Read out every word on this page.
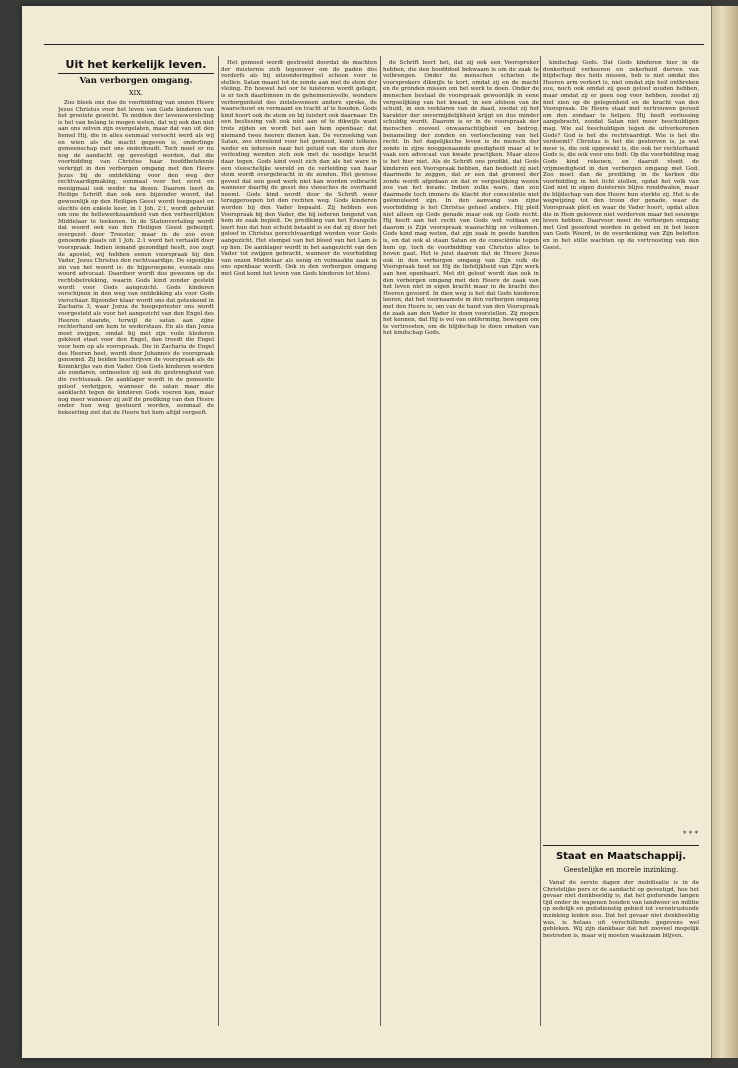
Uit het kerkelijk leven.
Van verborgen omgang.
XIX.

Zoo bleek ons dus de voorbidding van onzen Heere Jezus Christus voor het leven van Gods kinderen van het grootste gewicht. Te midden der levensworsteling is het van belang te mogen weten, dat wij ook dan niet aan ons zelven zijn overgelaten, maar dat van uit den hemel Hij, die in alles eenmaal versocht werd als wij en wien als die macht gegeven is, onderlinge gemeenschap met ons onderhoudt. Toch moet er nu nog de aandacht op gevestigd worden, dat die voorbidding van Christus haar hoofdbetekenis verkrijgt in den verborgen omgang met den Heere Jezus bij de ontdekking voor den weg der rechtvaardigmaking, eenmaal voor het eerst en menigmaal ook weder na dezen. Daarom leert de Heilige Schrift dan ook een bijzonder woord, dat gewoonlijk op den Heiligen Geest wordt toegepast en slechts één enkele keer, in 1 Joh. 2:1, wordt gebruikt om one de hellewerkzaamheid van den verheerlijkten Middelaar te teekenen. In de Statenvertaling wordt dat woord ook van den Heiligen Geest gebezigd, overgezet door Trooster, maar in de zoo even genoemde plaats uit 1 Joh. 2:1 werd het vertaald door voorspraak. Indien iemand gezondigd heeft, zoo zegt de apostel, wij hebben eenen voorspraak bij den Vader, Jezus Christus den rechtvaardige. De eigenlijke zin van het woord is: de bijgeroepene, evenals ons woord advocaat. Daardoor wordt dus gewezen op de rechtsbetrekking, waarin Gods kind zonder gesteld wordt voor Gods aangezicht. Gods kinderen verschijnen in den weg van ontdekking als voor Gods vierschaar. Bijzonder klaar wordt ons dat geteekend in Zacharia 3, waar Jozua de hoogepriester ons wordt voorgesteld als voor het aangezicht van den Engel des Heeren staande, terwijl de satan aan zijne rechterhand om hem te wederstaan. En als dan Jozua moet zwijgen, omdat hij met zijn vuile klederen gekleed staat voor den Engel, dan treedt die Engel voor hem op als voorspraak. Die in Zacharia de Engel des Heeren heet, wordt door Johannes de voorspraak genoemd. Zij beiden beschrijven de voorspraak als de Koninkrijks van den Vader. Ook Gods kinderen worden als zondaren, ontmoeten zij ook de gestrengheid van die rechtszaak. De aanklager wordt in de gemeente geloof verkrijgen, wanneer de satan maar die aanklacht tegen de kinderen Gods voeren kan, maar nog meer wanneer zij zelf de prediking van den Heere onder hun weg gestuurd worden, eenmaal de bekeerling ziet dat de Heere het hem altijd vergeeft.

Het gemoed wordt gestreeld doordat de machten der duisternis zich tegenover om de paden des verderfs als bij uitzonderingdeel schoon voor te stellen. Satan maant tot de zonde aan met de stem der vleiing. En hoewel het oor te luisteren wordt gelegd, is er toch daarbinnen in de geheimenisvolle, wondere verborgenheid des zieleleveneen andere spreke, de waarschuwt en vermaant en tracht af te houden. Gods kind hoort ook de stem en bij luistert ook daarnaar. En een beslissing valt ook niet aan of te dikwijls want trots zijden en wordt het aan hem openbaar, dat niemand twee heeren dienen kan. De verzoeking van Satan, zoo streelend voor het gemoed, komt telkens weder en iedereen naar het geluid van die stem der verleiding wenden zich ook met de noodige kracht daar tegen. Gods kind voelt zich dan als het ware in een vleeschelijke wereld en de verleiding van haar stem wordt overgebracht in de zonden. Het gewisse gevoel dat een goed werk niet kan worden volbracht wanneer daarbij de geest des vleesches de overhand neemt. Gods kind wordt door de Schrift weer teruggeroepen tot den rechten weg. Gods kinderen worden bij den Vader bepaald. Zij hebben een Voorspraak bij den Vader, die bij iederen lengend van hem de zaak bepleit. De prediking van het Evangelie leert hun dat hun schuld betaald is en dat zij door het geloof in Christus gerechtvaardigd worden voor Gods aangezicht. Het stempel van het bloed van het Lam is op hen. De aanklager wordt in het aangezicht van den Vader tot zwijgen gebracht, wanneer de voorbidding van onzen Middelaar als eenig en volmaakte zaak in ons openbaar wordt. Ook in den verborgen omgang met God komt het leven van Gods kinderen tot bloei.

de Schrift leert het, dat zij ook een Voorspreker hebben, die den hoofddoel bekwaam is om de zaak te volbrengen. Onder de menschen schieten de voorsprekers dikwijls te kort, omdat zij en de macht en de gronden missen om het werk te doen. Onder de menschen bestaat de voorspraak gewoonlijk in eene vergoelijking van het kwaad, in een afsloon van de schuld, in een verklaren van de daad, zoodat zij het karakter der onvermijdelijkheid krijgt en dus minder schuldig wordt. Daarom is er in de voorspraak der menschen zooveel onwaarachtigheid en bedrog, benameling der zonden en verloochening van het recht. In het dagelijksche leven is de mensch der zonde in zijne nooggenaamde goedigheid maar al te vaak een advocaat van kwade practijken. Maar alzoo is het hier niet. Als de Schrift ons predikt, dat Gods kinderen een Voorspraak hebben, dan bedoelt zij niet daarmede te zeggen, dat er een dat gronwel der zonde wordt afgedaan en dat er vergoelijking wezen zou van het kwade. Indien zulks ware, dan zou daarmede toch immers de klacht der consciëntie niet geënnuleerd zijn. In den aanvang van zijne voorbidding is het Christus geheel anders. Hij pleit niet alleen op Gods genade maar ook op Gods recht. Hij heeft aan het recht van Gods wet voldaan en daarom is Zijn voorspraak waarachtig en volkomen. Gods kind mag weten, dat zijn zaak in goede handen is, en dat ook al staan Satan en de consciëntie tegen hem op, toch de voorbidding van Christus alles te boven gaat. Het is juist daarom dat de Heere Jezus ook in den verborgen omgang van Zijn volk de Voorspraak heet en Hij de liefelijkheid van Zijn werk aan hen openbaart. Met dit geloof wordt dan ook in den verborgen omgang met den Heere de zaak van het leven niet in eigen kracht maar in de kracht des Heeren gevoerd. In dien weg is het dat Gods kinderen leeren, dat het voornaamste in den verborgen omgang met den Heere is, om van de hand van den Voorspraak de zaak aan den Vader te doen voorstellen. Zij mogen het kennen, dat Hij is vol van ontferming, bewogen om te vertroosten, om de blijdschap te doen smaken van het kindschap Gods.

kindschap Gods. Dat Gods kinderen hier in de donkerheid verkeeren en zekerheid derven van blijdschap des heils missen, heb is niet omdat des Heeren arm verkort is, niet omdat zijn heil ontbreken zou, noch ook omdat zij geen geloof zouden hebben, maar omdat zij er geen oog voor hebben, zoodat zij niet zien op de gelegenheid en de kracht van den Voorspraak. De Heere staat met vertrouwen gereed om den zondaar te helpen. Hij heeft verlossing aangebracht, zoodat Satan niet meer beschuldigen mag. Wie zal beschuldigen tegen de uitverkorenen Gods? God is het die rechtvaardigt. Wie is het die verdoemt? Christus is het die gestorven is, ja wat meer is, die ook opgewekt is, die ook ter rechterhand Gods is, die ook voor ons bidt. Op die voorbidding mag Gods kind rekenen, en daaruit vloeit de vrijmoedigheid in den verborgen omgang met God. Zoo moet dan de prediking in de kerken die voorbidding in het licht stellen, opdat het volk van God niet in eigen duisternis blijve ronddwalen, maar de blijdschap van den Heere hun sterkte zij. Het is de wegwijzing tot den troon der genade, waar de Voorspraak pleit en waar de Vader hoort, opdat allen die in Hem gelooven niet verderven maar het eeuwige leven hebben. Daarvoor moet de verborgen omgang met God geoefend worden in gebed en in het lezen van Gods Woord, in de overdenking van Zijn beloften en in het stille wachten op de vertroosting van den Geest.

* * *
Staat en Maatschappij.
Geestelijke en morele inzinking.

Vanaf de eerste dagen der mobilisatie is in de Christelijke pers er de aandacht op gevestigd, hoe het gevaar niet denkbeeldig is, dat het gedurende langen tijd onder de wapenen houden van landweer en militie op zedelijk en godsdienstig gebied tot verontrustende inzinking leiden zou. Dat het gevaar niet denkbeeldig was, is helaas uit verschillende gegevens wel gebleken. Wij zijn dankbaar dat het zooveel mogelijk bestreden is, maar wij moeten waakzaam blijven.
